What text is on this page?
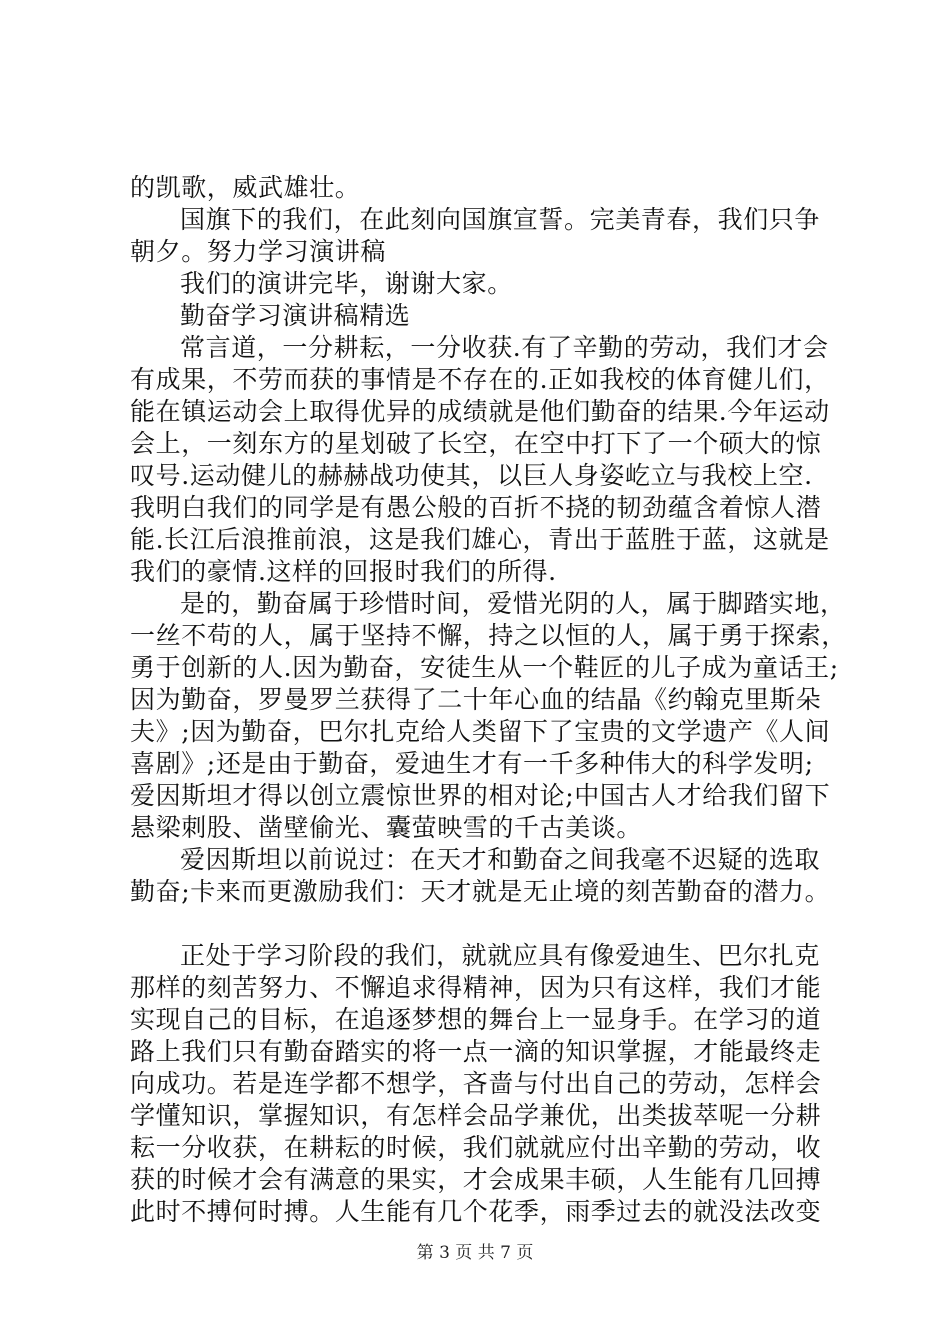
的凯歌，威武雄壮。
国旗下的我们，在此刻向国旗宣誓。完美青春，我们只争
朝夕。努力学习演讲稿
我们的演讲完毕，谢谢大家。
勤奋学习演讲稿精选
常言道，一分耕耘，一分收获.有了辛勤的劳动，我们才会
有成果，不劳而获的事情是不存在的.正如我校的体育健儿们，
能在镇运动会上取得优异的成绩就是他们勤奋的结果.今年运动
会上，一刻东方的星划破了长空，在空中打下了一个硕大的惊
叹号.运动健儿的赫赫战功使其，以巨人身姿屹立与我校上空.
我明白我们的同学是有愚公般的百折不挠的韧劲蕴含着惊人潜
能.长江后浪推前浪，这是我们雄心，青出于蓝胜于蓝，这就是
我们的豪情.这样的回报时我们的所得.
是的，勤奋属于珍惜时间，爱惜光阴的人，属于脚踏实地，
一丝不苟的人，属于坚持不懈，持之以恒的人，属于勇于探索，
勇于创新的人.因为勤奋，安徒生从一个鞋匠的儿子成为童话王;
因为勤奋，罗曼罗兰获得了二十年心血的结晶《约翰克里斯朵
夫》;因为勤奋，巴尔扎克给人类留下了宝贵的文学遗产《人间
喜剧》;还是由于勤奋，爱迪生才有一千多种伟大的科学发明;
爱因斯坦才得以创立震惊世界的相对论;中国古人才给我们留下
悬梁刺股、凿壁偷光、囊萤映雪的千古美谈。
爱因斯坦以前说过：在天才和勤奋之间我毫不迟疑的选取
勤奋;卡来而更激励我们：天才就是无止境的刻苦勤奋的潜力。
正处于学习阶段的我们，就就应具有像爱迪生、巴尔扎克
那样的刻苦努力、不懈追求得精神，因为只有这样，我们才能
实现自己的目标，在追逐梦想的舞台上一显身手。在学习的道
路上我们只有勤奋踏实的将一点一滴的知识掌握，才能最终走
向成功。若是连学都不想学，吝啬与付出自己的劳动，怎样会
学懂知识，掌握知识，有怎样会品学兼优，出类拔萃呢一分耕
耘一分收获，在耕耘的时候，我们就就应付出辛勤的劳动，收
获的时候才会有满意的果实，才会成果丰硕，人生能有几回搏
此时不搏何时搏。人生能有几个花季，雨季过去的就没法改变
第 3 页 共 7 页
